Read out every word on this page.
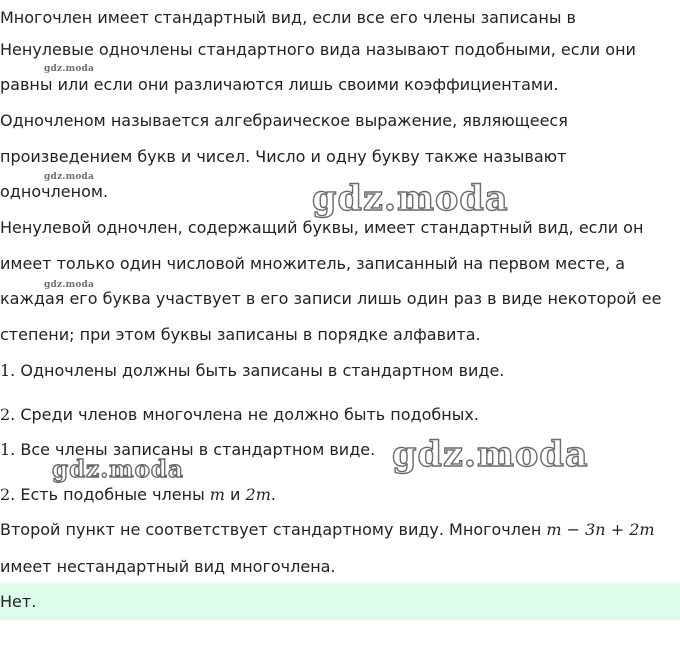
Многочлен имеет стандартный вид, если все его члены записаны в
Ненулевые одночлены стандартного вида называют подобными, если они
равны или если они различаются лишь своими коэффициентами.
Одночленом называется алгебраическое выражение, являющееся
произведением букв и чисел. Число и одну букву также называют
одночленом.
Ненулевой одночлен, содержащий буквы, имеет стандартный вид, если он
имеет только один числовой множитель, записанный на первом месте, а
каждая его буква участвует в его записи лишь один раз в виде некоторой ее
степени; при этом буквы записаны в порядке алфавита.
1. Одночлены должны быть записаны в стандартном виде.
2. Среди членов многочлена не должно быть подобных.
1. Все члены записаны в стандартном виде.
2. Есть подобные члены m и 2m.
Второй пункт не соответствует стандартному виду. Многочлен m − 3n + 2m
имеет нестандартный вид многочлена.
Нет.
gdz.moda
gdz.moda
gdz.moda
gdz.moda
gdz.moda
gdz.moda
